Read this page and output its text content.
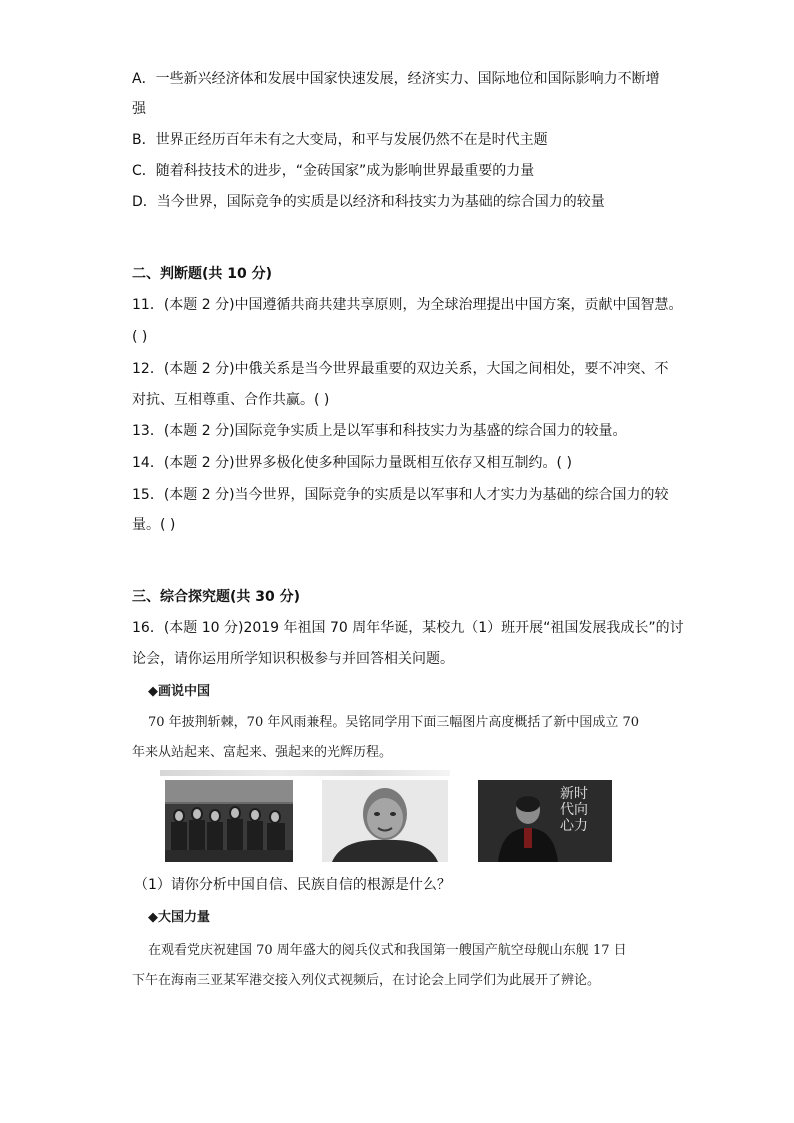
A．一些新兴经济体和发展中国家快速发展，经济实力、国际地位和国际影响力不断增
强
B．世界正经历百年未有之大变局，和平与发展仍然不在是时代主题
C．随着科技技术的进步，“金砖国家”成为影响世界最重要的力量
D．当今世界，国际竞争的实质是以经济和科技实力为基础的综合国力的较量
二、判断题(共 10 分)
11．(本题 2 分)中国遵循共商共建共享原则，为全球治理提出中国方案，贡献中国智慧。
( )
12．(本题 2 分)中俄关系是当今世界最重要的双边关系，大国之间相处，要不冲突、不
对抗、互相尊重、合作共赢。( )
13．(本题 2 分)国际竞争实质上是以军事和科技实力为基盛的综合国力的较量。
14．(本题 2 分)世界多极化使多种国际力量既相互依存又相互制约。( )
15．(本题 2 分)当今世界，国际竞争的实质是以军事和人才实力为基础的综合国力的较
量。( )
三、综合探究题(共 30 分)
16．(本题 10 分)2019 年祖国 70 周年华诞，某校九（1）班开展“祖国发展我成长”的讨
论会，请你运用所学知识积极参与并回答相关问题。
◆画说中国
70 年披荆斩棘，70 年风雨兼程。吴铭同学用下面三幅图片高度概括了新中国成立 70
年来从站起来、富起来、强起来的光辉历程。
新时代向心力
（1）请你分析中国自信、民族自信的根源是什么？
◆大国力量
在观看党庆祝建国 70 周年盛大的阅兵仪式和我国第一艘国产航空母舰山东舰 17 日
下午在海南三亚某军港交接入列仪式视频后，在讨论会上同学们为此展开了辨论。
